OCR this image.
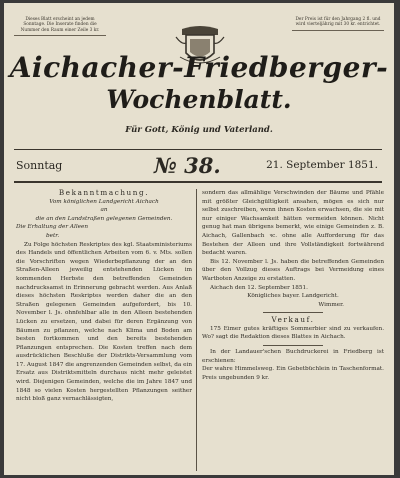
Dieses Blatt erscheint an jedem Sonntage. Die Inserate finden die Nummer den Raum einer Zeile 3 kr.
Der Preis ist für den Jahrgang 2 fl. und wird vierteljährig mit 30 kr. entrichtet.
Aichacher-Friedberger-
Wochenblatt.
Für Gott, König und Vaterland.
Sonntag	№ 38.	21. September 1851.
Bekanntmachung.
Vom königlichen Landgericht Aichach
an
die an den Landstraßen gelegenen Gemeinden.
Die Erhaltung der Alleen
betr.
Zu Folge höchsten Reskriptes des kgl. Staatsministeriums des Handels und öffentlichen Arbeiten vom 6. v. Mts. sollen die Vorschriften wegen Wiederbepflanzung der an den Straßen-Alleen jeweilig entstehenden Lücken im kommenden Herbste den betreffenden Gemeinden nachdrucksamst in Erinnerung gebracht werden. Aus Anlaß dieses höchsten Reskriptes werden daher die an den Straßen gelegenen Gemeinden aufgefordert, bis 10. November l. Js. ohnfehlbar alle in den Alleen bestehenden Lücken zu ersetzen, und dabei für deren Ergänzung von Bäumen zu pflanzen, welche nach Klima und Boden am besten fortkommen und den bereits bestehenden Pflanzungen entsprechen. Die Kosten treffen nach dem ausdrücklichen Beschluße der Distrikts-Versammlung vom 17. August 1847 die angrenzenden Gemeinden selbst, da ein Ersatz aus Distriktsmitteln durchaus nicht mehr geleistet wird. Diejenigen Gemeinden, welche die im Jahre 1847 und 1848 so vielen Kosten hergestellten Pflanzungen seither nicht bloß ganz vernachlässigten,
sondern das allmählige Verschwinden der Bäume und Pfähle mit größter Gleichgültigkeit ansahen, mögen es sich nur selbst zuschreiben, wenn ihnen Kosten erwachsen, die sie mit nur einiger Wachsamkeit hätten vermeiden können. Nicht genug hat man übrigens bemerkt, wie einige Gemeinden z. B. Aichach, Gallenbach ꝛc. ohne alle Aufforderung für das Bestehen der Alleen und ihre Vollständigkeit fortwährend bedacht waren.
Bis 12. November l. Js. haben die betreffenden Gemeinden über den Vollzug dieses Auftrags bei Vermeidung eines Wartboten Anzeige zu erstatten.
Aichach den 12. September 1851.
Königliches bayer. Landgericht.
Wimmer.
Verkauf.
175 Eimer gutes kräftiges Sommerbier sind zu verkaufen. Wo? sagt die Redaktion dieses Blattes in Aichach.
In der Landauer'schen Buchdruckerei in Friedberg ist erschienen:
Der wahre Himmelsweg. Ein Gebetbüchlein in Taschenformat. Preis ungebunden 9 kr.
